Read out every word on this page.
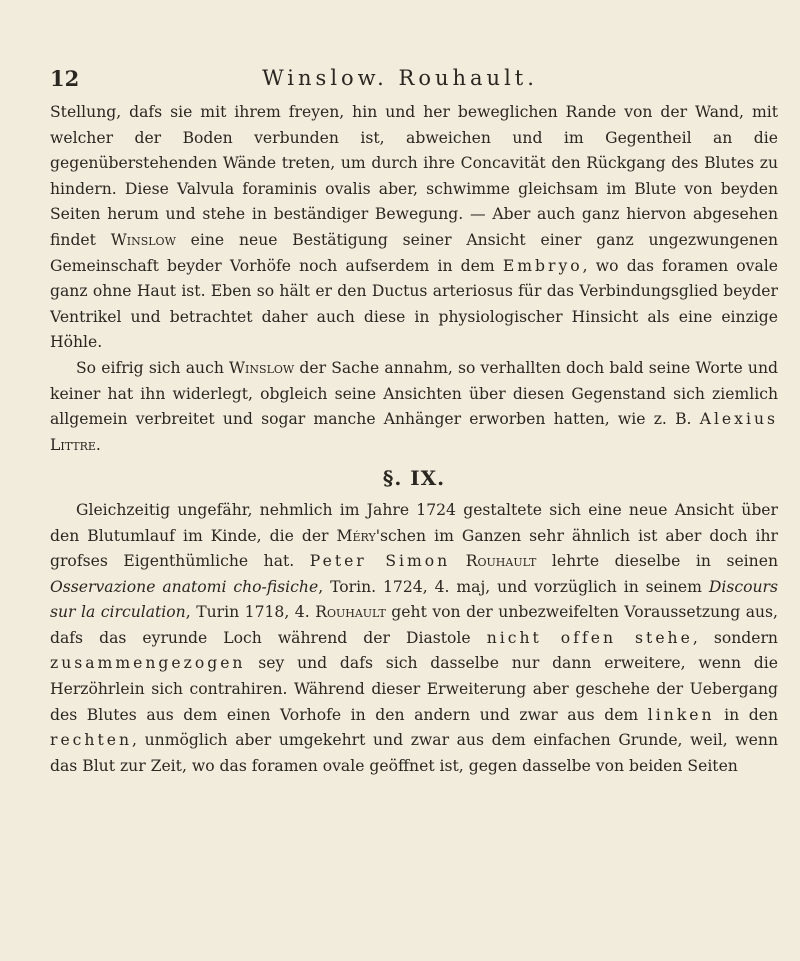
12	Winslow. Rouhault.

Stellung, dafs sie mit ihrem freyen, hin und her beweglichen Rande von der Wand, mit welcher der Boden verbunden ist, abweichen und im Gegentheil an die gegenüberstehenden Wände treten, um durch ihre Concavität den Rückgang des Blutes zu hindern. Diese Valvula foraminis ovalis aber, schwimme gleichsam im Blute von beyden Seiten herum und stehe in beständiger Bewegung. — Aber auch ganz hiervon abgesehen findet Winslow eine neue Bestätigung seiner Ansicht einer ganz ungezwungenen Gemeinschaft beyder Vorhöfe noch aufserdem in dem Embryo, wo das foramen ovale ganz ohne Haut ist. Eben so hält er den Ductus arteriosus für das Verbindungsglied beyder Ventrikel und betrachtet daher auch diese in physiologischer Hinsicht als eine einzige Höhle.

So eifrig sich auch Winslow der Sache annahm, so verhallten doch bald seine Worte und keiner hat ihn widerlegt, obgleich seine Ansichten über diesen Gegenstand sich ziemlich allgemein verbreitet und sogar manche Anhänger erworben hatten, wie z. B. Alexius Littre.

§. IX.

Gleichzeitig ungefähr, nehmlich im Jahre 1724 gestaltete sich eine neue Ansicht über den Blutumlauf im Kinde, die der Méry'schen im Ganzen sehr ähnlich ist aber doch ihr grofses Eigenthümliche hat. Peter Simon Rouhault lehrte dieselbe in seinen Osservazione anatomi cho-fisiche, Torin. 1724, 4. maj, und vorzüglich in seinem Discours sur la circulation, Turin 1718, 4. Rouhault geht von der unbezweifelten Voraussetzung aus, dafs das eyrunde Loch während der Diastole nicht offen stehe, sondern zusammengezogen sey und dafs sich dasselbe nur dann erweitere, wenn die Herzöhrlein sich contrahiren. Während dieser Erweiterung aber geschehe der Uebergang des Blutes aus dem einen Vorhofe in den andern und zwar aus dem linken in den rechten, unmöglich aber umgekehrt und zwar aus dem einfachen Grunde, weil, wenn das Blut zur Zeit, wo das foramen ovale geöffnet ist, gegen dasselbe von beiden Seiten
